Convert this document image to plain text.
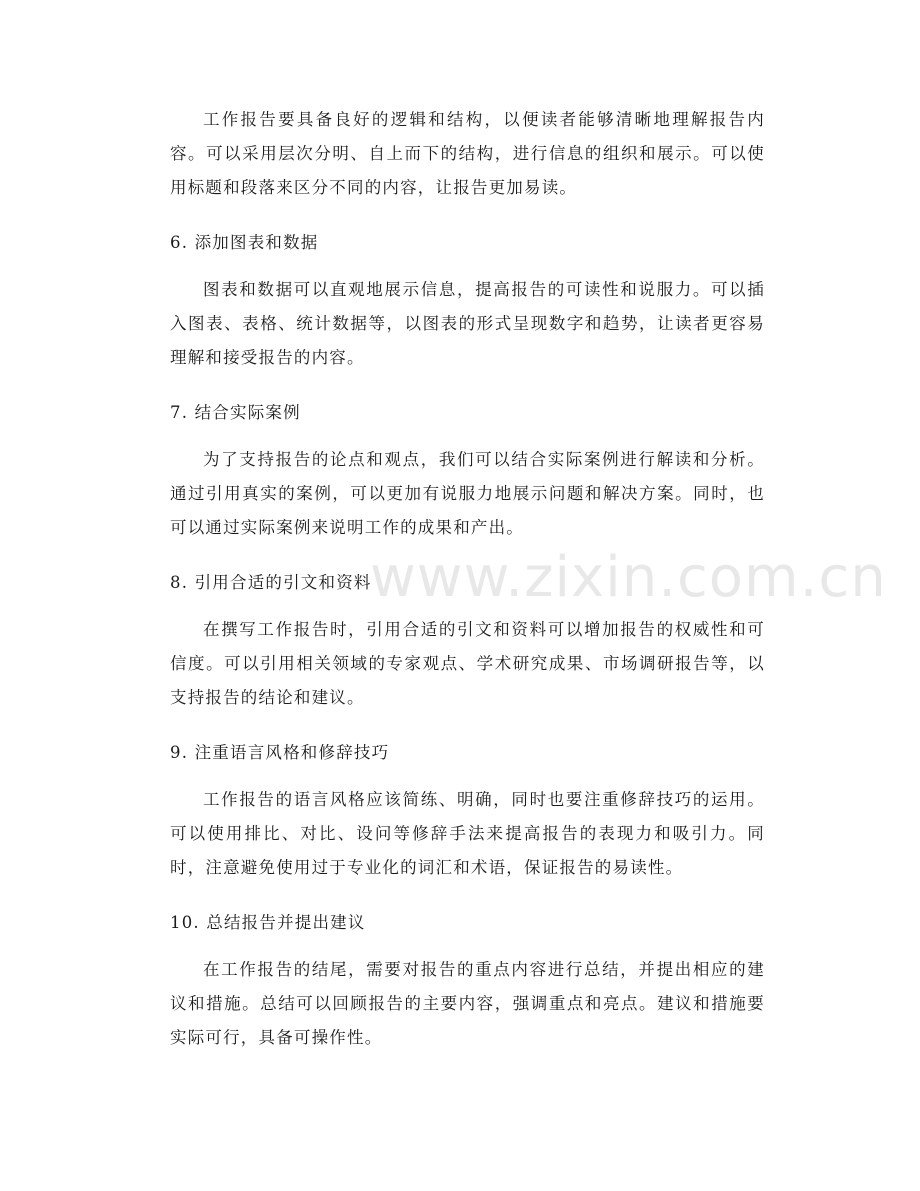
工作报告要具备良好的逻辑和结构，以便读者能够清晰地理解报告内容。可以采用层次分明、自上而下的结构，进行信息的组织和展示。可以使用标题和段落来区分不同的内容，让报告更加易读。

6. 添加图表和数据

图表和数据可以直观地展示信息，提高报告的可读性和说服力。可以插入图表、表格、统计数据等，以图表的形式呈现数字和趋势，让读者更容易理解和接受报告的内容。

7. 结合实际案例

为了支持报告的论点和观点，我们可以结合实际案例进行解读和分析。通过引用真实的案例，可以更加有说服力地展示问题和解决方案。同时，也可以通过实际案例来说明工作的成果和产出。

8. 引用合适的引文和资料

在撰写工作报告时，引用合适的引文和资料可以增加报告的权威性和可信度。可以引用相关领域的专家观点、学术研究成果、市场调研报告等，以支持报告的结论和建议。

9. 注重语言风格和修辞技巧

工作报告的语言风格应该简练、明确，同时也要注重修辞技巧的运用。可以使用排比、对比、设问等修辞手法来提高报告的表现力和吸引力。同时，注意避免使用过于专业化的词汇和术语，保证报告的易读性。

10. 总结报告并提出建议

在工作报告的结尾，需要对报告的重点内容进行总结，并提出相应的建议和措施。总结可以回顾报告的主要内容，强调重点和亮点。建议和措施要实际可行，具备可操作性。

www.zixin.com.cn
